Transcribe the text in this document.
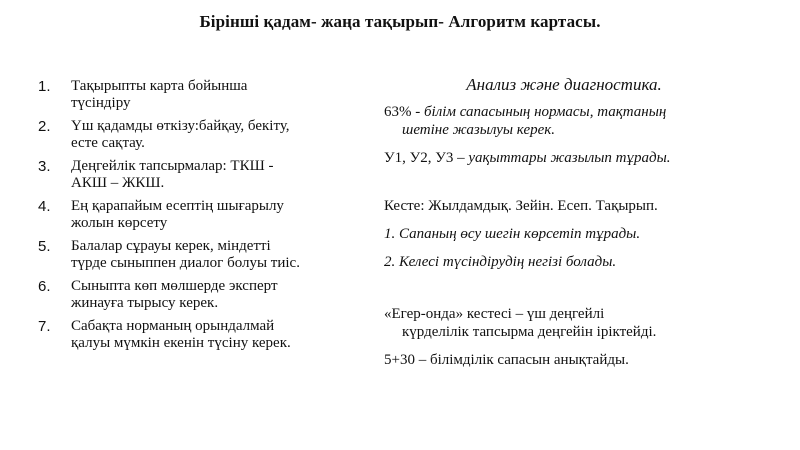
Бірінші қадам- жаңа тақырып- Алгоритм картасы.
1. Тақырыпты карта бойынша
түсіндіру
2. Үш қадамды өткізу:байқау, бекіту,
есте сақтау.
3. Деңгейлік тапсырмалар: ТКШ -
АКШ – ЖКШ.
4. Ең қарапайым есептің шығарылу
жолын көрсету
5. Балалар сұрауы керек, міндетті
түрде сыныппен диалог болуы тиіс.
6. Сыныпта көп мөлшерде эксперт
жинауға тырысу керек.
7. Сабақта норманың орындалмай
қалуы мүмкін екенін түсіну керек.
Анализ және диагностика.

63% - білім сапасының нормасы, тақтаның
шетіне жазылуы керек.

У1, У2, У3 – уақыттары жазылып тұрады.

Кесте: Жылдамдық. Зейін. Есеп. Тақырып.

1. Сапаның өсу шегін көрсетіп тұрады.

2. Келесі түсіндірудің негізі болады.

«Егер-онда» кестесі – үш деңгейлі
күрделілік тапсырма деңгейін іріктейді.

5+30 – білімділік сапасын анықтайды.
